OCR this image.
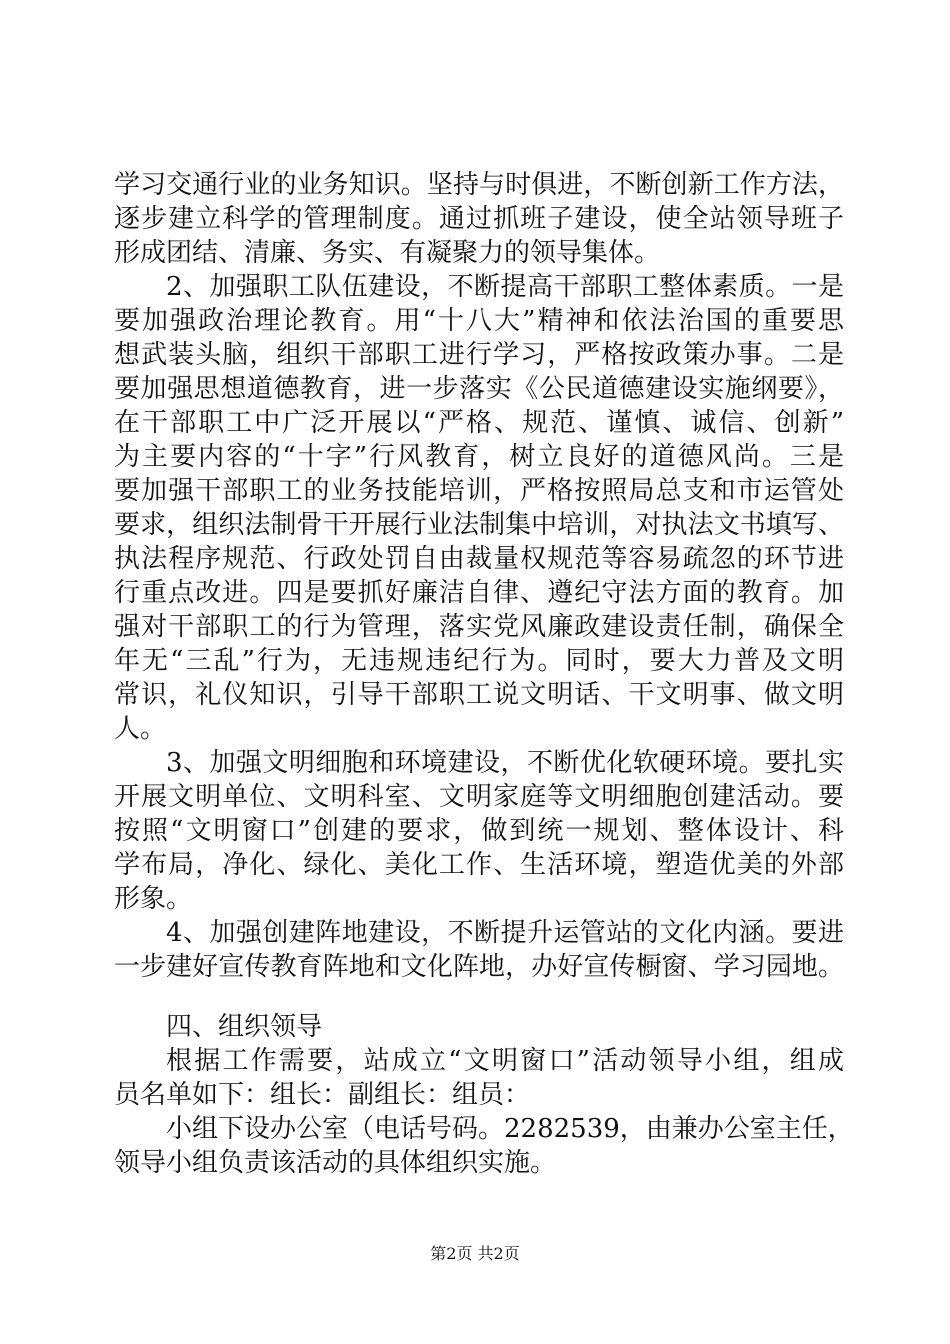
学习交通行业的业务知识。坚持与时俱进，不断创新工作方法，
逐步建立科学的管理制度。通过抓班子建设，使全站领导班子
形成团结、清廉、务实、有凝聚力的领导集体。
2、加强职工队伍建设，不断提高干部职工整体素质。一是
要加强政治理论教育。用“十八大”精神和依法治国的重要思
想武装头脑，组织干部职工进行学习，严格按政策办事。二是
要加强思想道德教育，进一步落实《公民道德建设实施纲要》，
在干部职工中广泛开展以“严格、规范、谨慎、诚信、创新”
为主要内容的“十字”行风教育，树立良好的道德风尚。三是
要加强干部职工的业务技能培训，严格按照局总支和市运管处
要求，组织法制骨干开展行业法制集中培训，对执法文书填写、
执法程序规范、行政处罚自由裁量权规范等容易疏忽的环节进
行重点改进。四是要抓好廉洁自律、遵纪守法方面的教育。加
强对干部职工的行为管理，落实党风廉政建设责任制，确保全
年无“三乱”行为，无违规违纪行为。同时，要大力普及文明
常识，礼仪知识，引导干部职工说文明话、干文明事、做文明
人。
3、加强文明细胞和环境建设，不断优化软硬环境。要扎实
开展文明单位、文明科室、文明家庭等文明细胞创建活动。要
按照“文明窗口”创建的要求，做到统一规划、整体设计、科
学布局，净化、绿化、美化工作、生活环境，塑造优美的外部
形象。
4、加强创建阵地建设，不断提升运管站的文化内涵。要进
一步建好宣传教育阵地和文化阵地，办好宣传橱窗、学习园地。
四、组织领导
根据工作需要，站成立“文明窗口”活动领导小组，组成
员名单如下：组长：副组长：组员：
小组下设办公室（电话号码。2282539，由兼办公室主任，
领导小组负责该活动的具体组织实施。
第2页 共2页
